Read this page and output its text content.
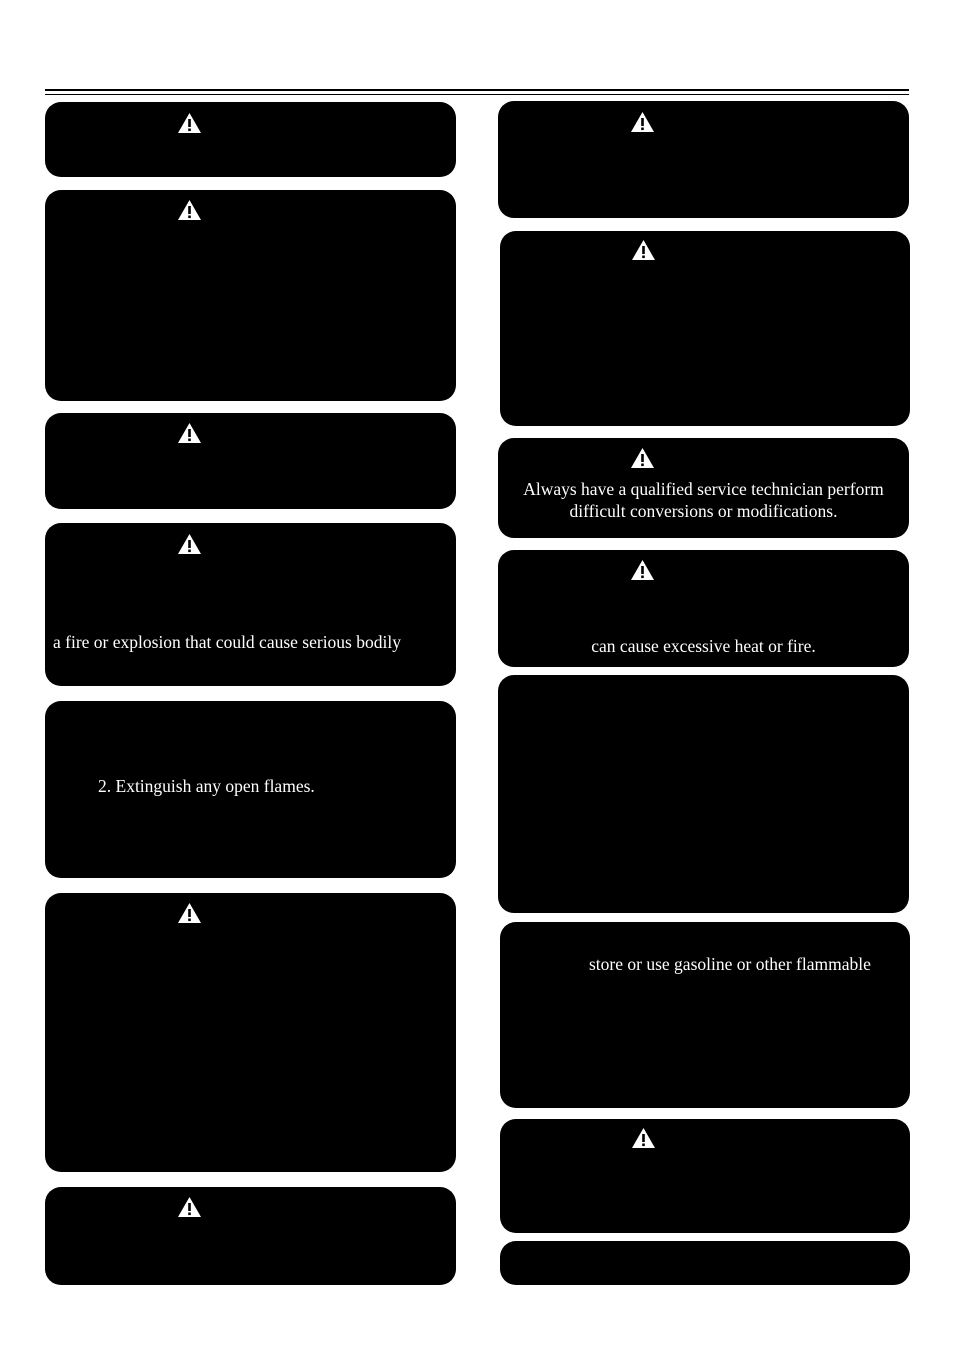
a fire or explosion that could cause serious bodily
2. Extinguish any open flames.
Always have a qualified service technician perform
difficult conversions or modifications.
can cause excessive heat or fire.
store or use gasoline or other flammable
